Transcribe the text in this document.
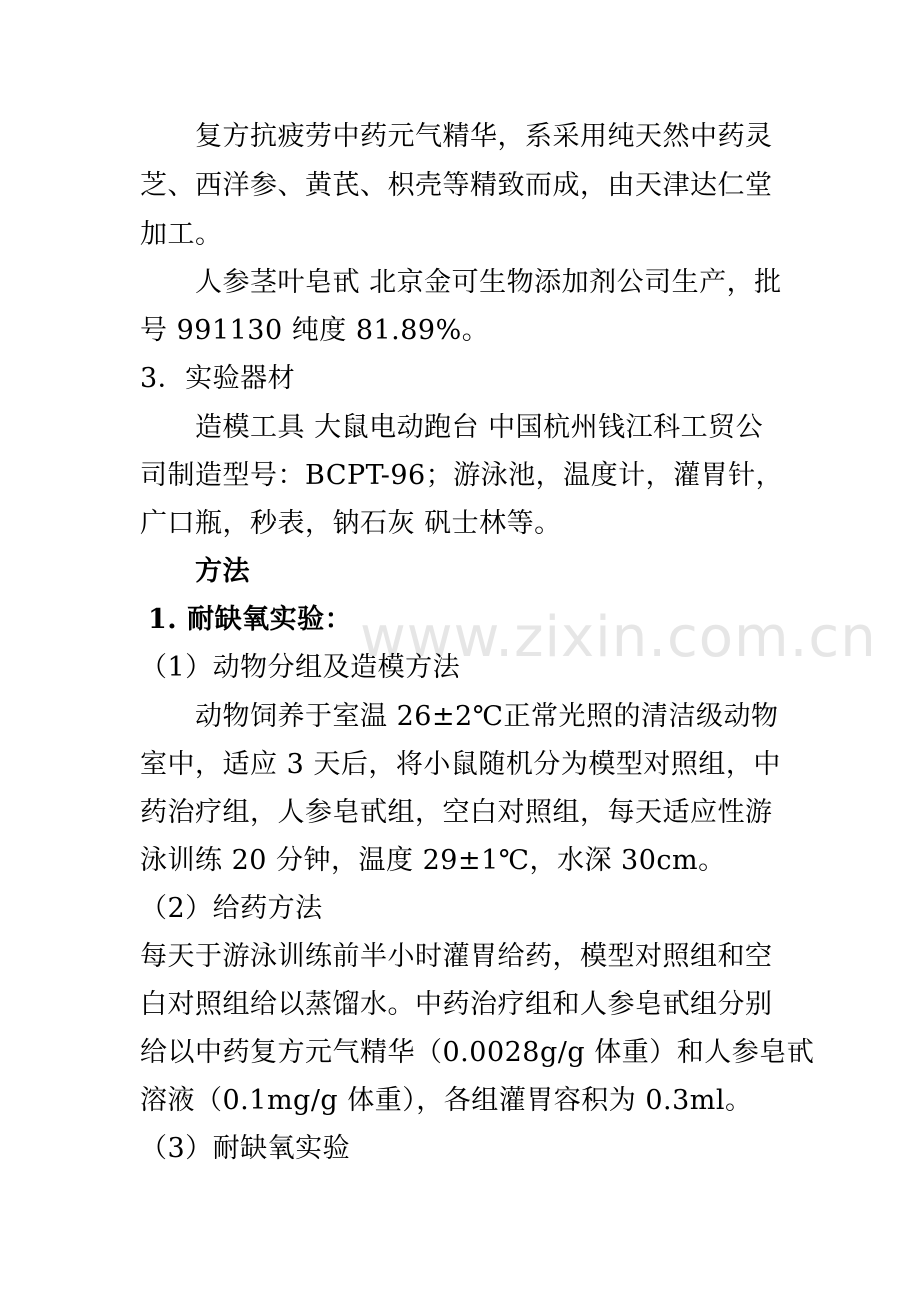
www.zixin.com.cn
复方抗疲劳中药元气精华，系采用纯天然中药灵
芝、西洋参、黄芪、枳壳等精致而成，由天津达仁堂
加工。
人参茎叶皂甙 北京金可生物添加剂公司生产，批
号 991130 纯度 81.89%。
3．实验器材
造模工具 大鼠电动跑台 中国杭州钱江科工贸公
司制造型号：BCPT-96；游泳池，温度计，灌胃针，
广口瓶，秒表，钠石灰 矾士林等。
方法
1. 耐缺氧实验：
（1）动物分组及造模方法
动物饲养于室温 26±2℃正常光照的清洁级动物
室中，适应 3 天后，将小鼠随机分为模型对照组，中
药治疗组，人参皂甙组，空白对照组，每天适应性游
泳训练 20 分钟，温度 29±1℃，水深 30cm。
（2）给药方法
每天于游泳训练前半小时灌胃给药，模型对照组和空
白对照组给以蒸馏水。中药治疗组和人参皂甙组分别
给以中药复方元气精华（0.0028g/g 体重）和人参皂甙
溶液（0.1mg/g 体重），各组灌胃容积为 0.3ml。
（3）耐缺氧实验
